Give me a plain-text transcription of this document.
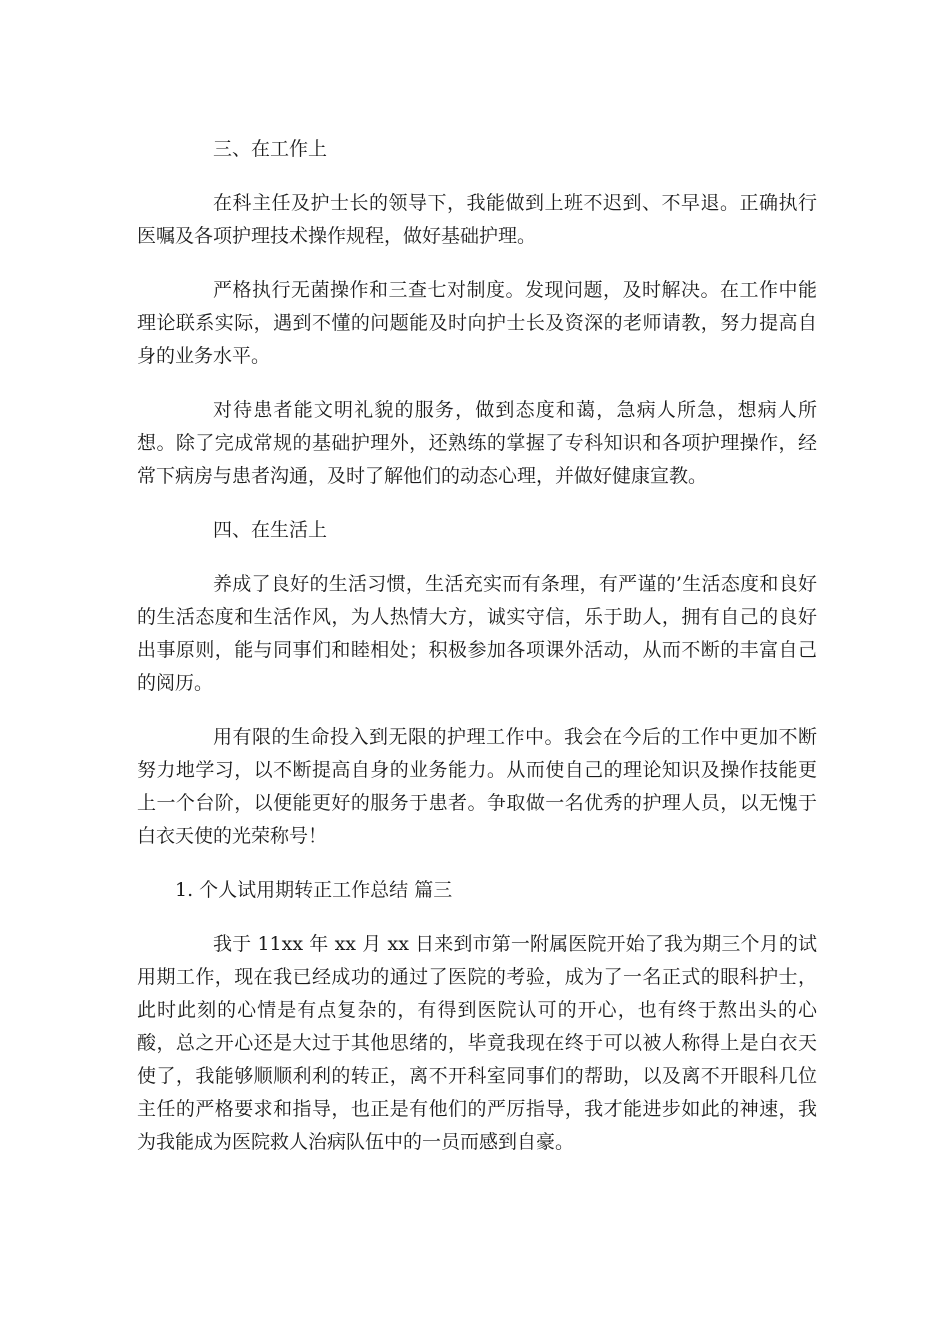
三、在工作上

在科主任及护士长的领导下，我能做到上班不迟到、不早退。正确执行医嘱及各项护理技术操作规程，做好基础护理。

严格执行无菌操作和三查七对制度。发现问题，及时解决。在工作中能理论联系实际，遇到不懂的问题能及时向护士长及资深的老师请教，努力提高自身的业务水平。

对待患者能文明礼貌的服务，做到态度和蔼，急病人所急，想病人所想。除了完成常规的基础护理外，还熟练的掌握了专科知识和各项护理操作，经常下病房与患者沟通，及时了解他们的动态心理，并做好健康宣教。

四、在生活上

养成了良好的生活习惯，生活充实而有条理，有严谨的’生活态度和良好的生活态度和生活作风，为人热情大方，诚实守信，乐于助人，拥有自己的良好出事原则，能与同事们和睦相处；积极参加各项课外活动，从而不断的丰富自己的阅历。

用有限的生命投入到无限的护理工作中。我会在今后的工作中更加不断努力地学习，以不断提高自身的业务能力。从而使自己的理论知识及操作技能更上一个台阶，以便能更好的服务于患者。争取做一名优秀的护理人员，以无愧于白衣天使的光荣称号！

1. 个人试用期转正工作总结 篇三

我于 11xx 年 xx 月 xx 日来到市第一附属医院开始了我为期三个月的试用期工作，现在我已经成功的通过了医院的考验，成为了一名正式的眼科护士，此时此刻的心情是有点复杂的，有得到医院认可的开心，也有终于熬出头的心酸，总之开心还是大过于其他思绪的，毕竟我现在终于可以被人称得上是白衣天使了，我能够顺顺利利的转正，离不开科室同事们的帮助，以及离不开眼科几位主任的严格要求和指导，也正是有他们的严厉指导，我才能进步如此的神速，我为我能成为医院救人治病队伍中的一员而感到自豪。
